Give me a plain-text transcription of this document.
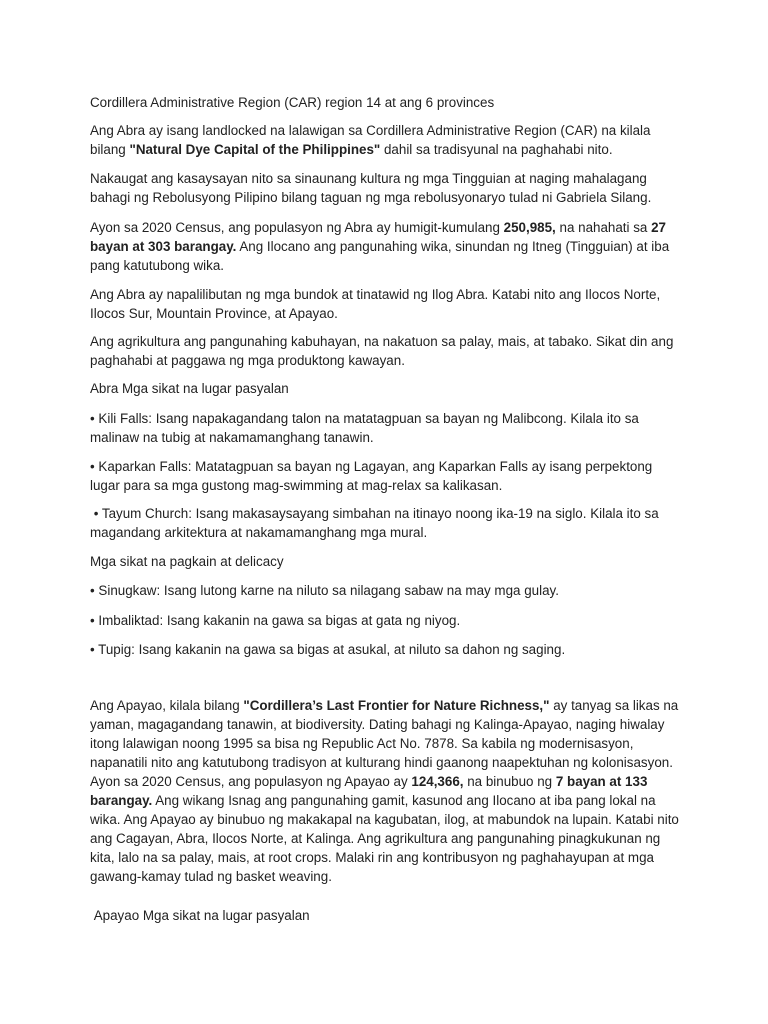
Cordillera Administrative Region (CAR) region 14 at ang 6 provinces

Ang Abra ay isang landlocked na lalawigan sa Cordillera Administrative Region (CAR) na kilala bilang "Natural Dye Capital of the Philippines" dahil sa tradisyunal na paghahabi nito.

Nakaugat ang kasaysayan nito sa sinaunang kultura ng mga Tingguian at naging mahalagang bahagi ng Rebolusyong Pilipino bilang taguan ng mga rebolusyonaryo tulad ni Gabriela Silang.

Ayon sa 2020 Census, ang populasyon ng Abra ay humigit-kumulang 250,985, na nahahati sa 27 bayan at 303 barangay. Ang Ilocano ang pangunahing wika, sinundan ng Itneg (Tingguian) at iba pang katutubong wika.

Ang Abra ay napalilibutan ng mga bundok at tinatawid ng Ilog Abra. Katabi nito ang Ilocos Norte, Ilocos Sur, Mountain Province, at Apayao.

Ang agrikultura ang pangunahing kabuhayan, na nakatuon sa palay, mais, at tabako. Sikat din ang paghahabi at paggawa ng mga produktong kawayan.

Abra Mga sikat na lugar pasyalan

• Kili Falls: Isang napakagandang talon na matatagpuan sa bayan ng Malibcong. Kilala ito sa malinaw na tubig at nakamamanghang tanawin.

• Kaparkan Falls: Matatagpuan sa bayan ng Lagayan, ang Kaparkan Falls ay isang perpektong lugar para sa mga gustong mag-swimming at mag-relax sa kalikasan.

• Tayum Church: Isang makasaysayang simbahan na itinayo noong ika-19 na siglo. Kilala ito sa magandang arkitektura at nakamamanghang mga mural.

Mga sikat na pagkain at delicacy

• Sinugkaw: Isang lutong karne na niluto sa nilagang sabaw na may mga gulay.

• Imbaliktad: Isang kakanin na gawa sa bigas at gata ng niyog.

• Tupig: Isang kakanin na gawa sa bigas at asukal, at niluto sa dahon ng saging.

Ang Apayao, kilala bilang "Cordillera’s Last Frontier for Nature Richness," ay tanyag sa likas na yaman, magagandang tanawin, at biodiversity. Dating bahagi ng Kalinga-Apayao, naging hiwalay itong lalawigan noong 1995 sa bisa ng Republic Act No. 7878. Sa kabila ng modernisasyon, napanatili nito ang katutubong tradisyon at kulturang hindi gaanong naapektuhan ng kolonisasyon. Ayon sa 2020 Census, ang populasyon ng Apayao ay 124,366, na binubuo ng 7 bayan at 133 barangay. Ang wikang Isnag ang pangunahing gamit, kasunod ang Ilocano at iba pang lokal na wika. Ang Apayao ay binubuo ng makakapal na kagubatan, ilog, at mabundok na lupain. Katabi nito ang Cagayan, Abra, Ilocos Norte, at Kalinga. Ang agrikultura ang pangunahing pinagkukunan ng kita, lalo na sa palay, mais, at root crops. Malaki rin ang kontribusyon ng paghahayupan at mga gawang-kamay tulad ng basket weaving.

Apayao Mga sikat na lugar pasyalan
